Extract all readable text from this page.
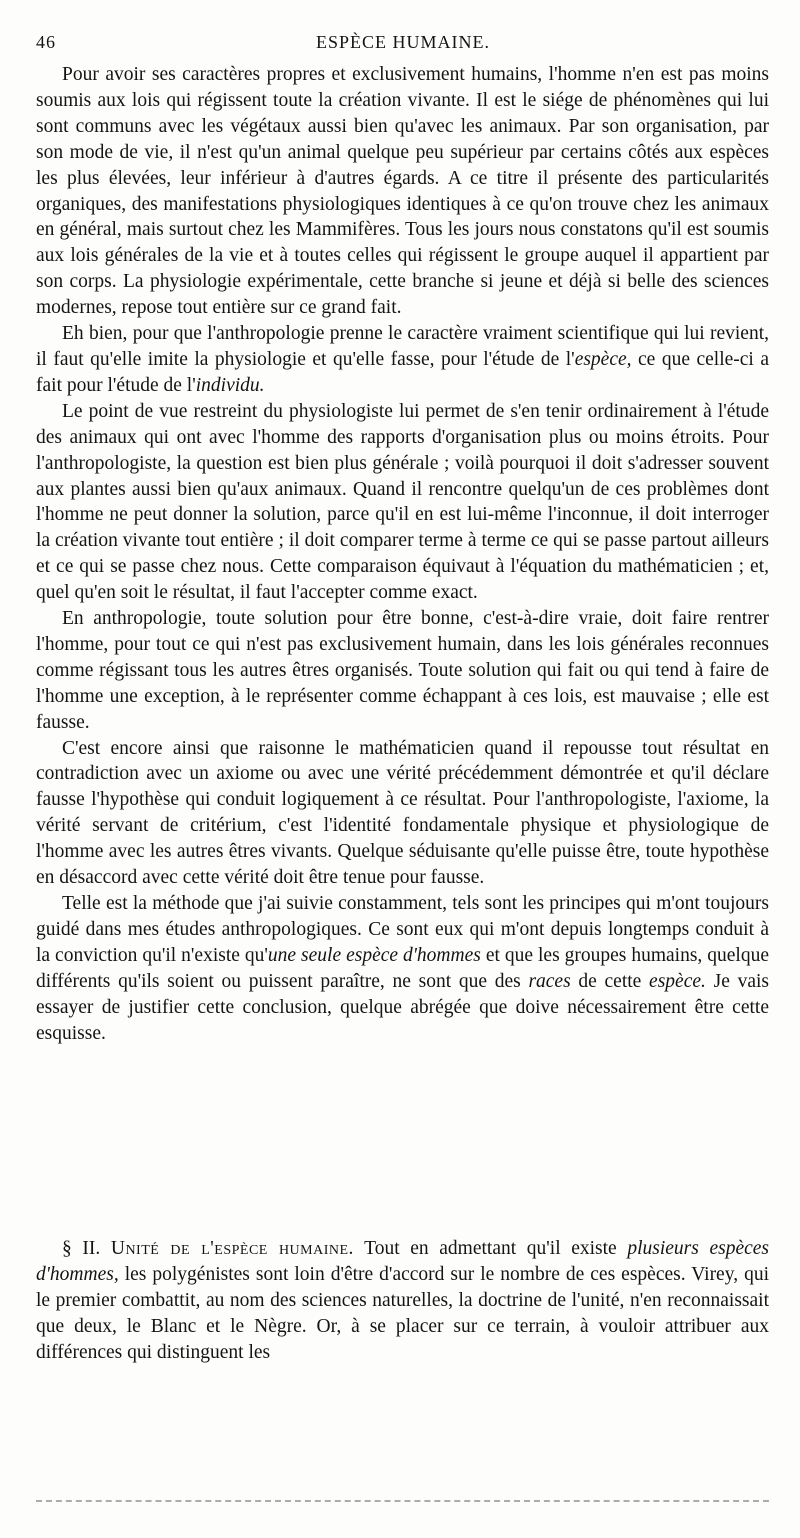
46	ESPÈCE HUMAINE.

Pour avoir ses caractères propres et exclusivement humains, l'homme n'en est pas moins soumis aux lois qui régissent toute la création vivante. Il est le siége de phénomènes qui lui sont communs avec les végétaux aussi bien qu'avec les animaux. Par son organisation, par son mode de vie, il n'est qu'un animal quelque peu supérieur par certains côtés aux espèces les plus élevées, leur inférieur à d'autres égards. A ce titre il présente des particularités organiques, des manifestations physiologiques identiques à ce qu'on trouve chez les animaux en général, mais surtout chez les Mammifères. Tous les jours nous constatons qu'il est soumis aux lois générales de la vie et à toutes celles qui régissent le groupe auquel il appartient par son corps. La physiologie expérimentale, cette branche si jeune et déjà si belle des sciences modernes, repose tout entière sur ce grand fait.

Eh bien, pour que l'anthropologie prenne le caractère vraiment scientifique qui lui revient, il faut qu'elle imite la physiologie et qu'elle fasse, pour l'étude de l'espèce, ce que celle-ci a fait pour l'étude de l'individu.

Le point de vue restreint du physiologiste lui permet de s'en tenir ordinairement à l'étude des animaux qui ont avec l'homme des rapports d'organisation plus ou moins étroits. Pour l'anthropologiste, la question est bien plus générale ; voilà pourquoi il doit s'adresser souvent aux plantes aussi bien qu'aux animaux. Quand il rencontre quelqu'un de ces problèmes dont l'homme ne peut donner la solution, parce qu'il en est lui-même l'inconnue, il doit interroger la création vivante tout entière ; il doit comparer terme à terme ce qui se passe partout ailleurs et ce qui se passe chez nous. Cette comparaison équivaut à l'équation du mathématicien ; et, quel qu'en soit le résultat, il faut l'accepter comme exact.

En anthropologie, toute solution pour être bonne, c'est-à-dire vraie, doit faire rentrer l'homme, pour tout ce qui n'est pas exclusivement humain, dans les lois générales reconnues comme régissant tous les autres êtres organisés. Toute solution qui fait ou qui tend à faire de l'homme une exception, à le représenter comme échappant à ces lois, est mauvaise ; elle est fausse.

C'est encore ainsi que raisonne le mathématicien quand il repousse tout résultat en contradiction avec un axiome ou avec une vérité précédemment démontrée et qu'il déclare fausse l'hypothèse qui conduit logiquement à ce résultat. Pour l'anthropologiste, l'axiome, la vérité servant de critérium, c'est l'identité fondamentale physique et physiologique de l'homme avec les autres êtres vivants. Quelque séduisante qu'elle puisse être, toute hypothèse en désaccord avec cette vérité doit être tenue pour fausse.

Telle est la méthode que j'ai suivie constamment, tels sont les principes qui m'ont toujours guidé dans mes études anthropologiques. Ce sont eux qui m'ont depuis longtemps conduit à la conviction qu'il n'existe qu'une seule espèce d'hommes et que les groupes humains, quelque différents qu'ils soient ou puissent paraître, ne sont que des races de cette espèce. Je vais essayer de justifier cette conclusion, quelque abrégée que doive nécessairement être cette esquisse.

§ II. Unité de l'espèce humaine. Tout en admettant qu'il existe plusieurs espèces d'hommes, les polygénistes sont loin d'être d'accord sur le nombre de ces espèces. Virey, qui le premier combattit, au nom des sciences naturelles, la doctrine de l'unité, n'en reconnaissait que deux, le Blanc et le Nègre. Or, à se placer sur ce terrain, à vouloir attribuer aux différences qui distinguent les
